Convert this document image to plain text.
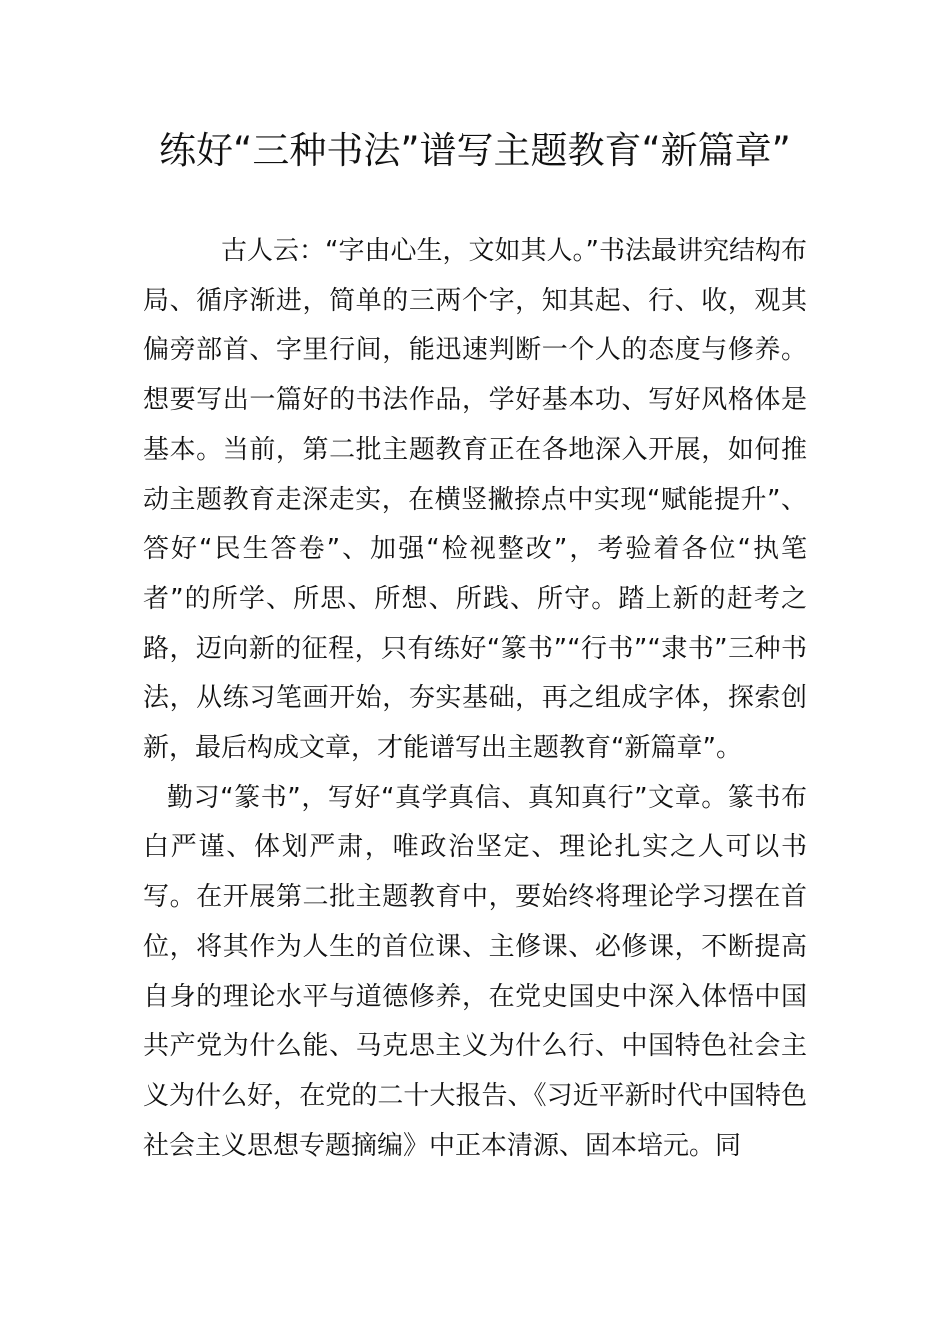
练好“三种书法”谱写主题教育“新篇章”

古人云：“字由心生，文如其人。”书法最讲究结构布局、循序渐进，简单的三两个字，知其起、行、收，观其偏旁部首、字里行间，能迅速判断一个人的态度与修养。想要写出一篇好的书法作品，学好基本功、写好风格体是基本。当前，第二批主题教育正在各地深入开展，如何推动主题教育走深走实，在横竖撇捺点中实现“赋能提升”、答好“民生答卷”、加强“检视整改”，考验着各位“执笔者”的所学、所思、所想、所践、所守。踏上新的赶考之路，迈向新的征程，只有练好“篆书”“行书”“隶书”三种书法，从练习笔画开始，夯实基础，再之组成字体，探索创新，最后构成文章，才能谱写出主题教育“新篇章”。

勤习“篆书”，写好“真学真信、真知真行”文章。篆书布白严谨、体划严肃，唯政治坚定、理论扎实之人可以书写。在开展第二批主题教育中，要始终将理论学习摆在首位，将其作为人生的首位课、主修课、必修课，不断提高自身的理论水平与道德修养，在党史国史中深入体悟中国共产党为什么能、马克思主义为什么行、中国特色社会主义为什么好，在党的二十大报告、《习近平新时代中国特色社会主义思想专题摘编》中正本清源、固本培元。同
